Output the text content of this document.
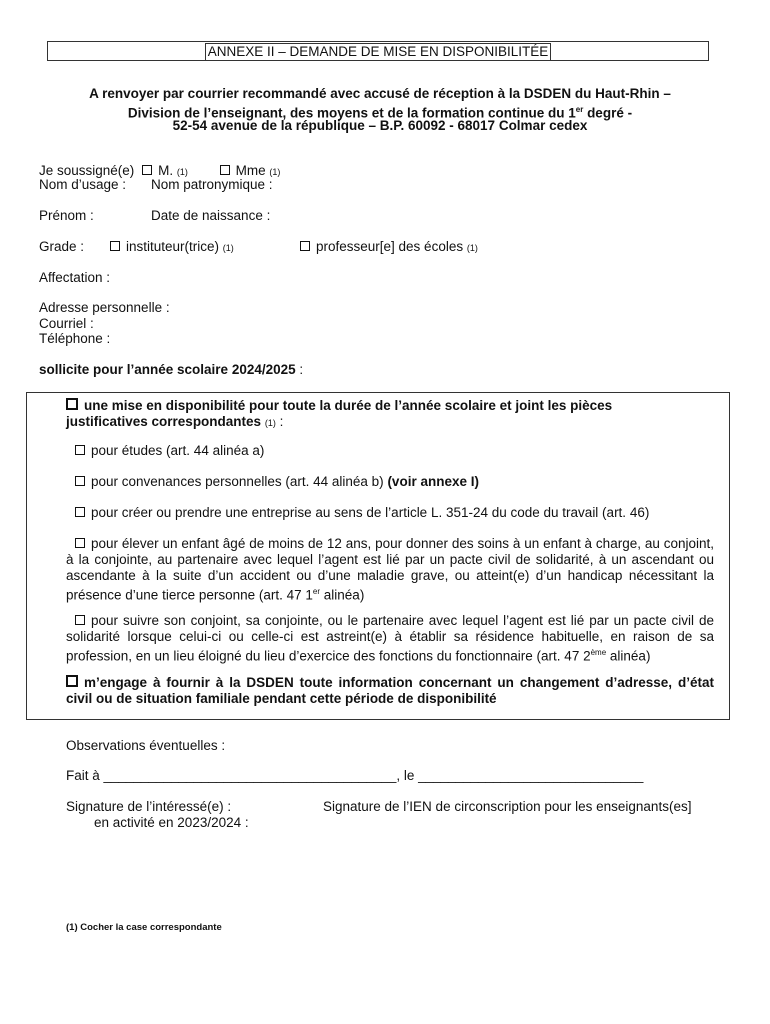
ANNEXE II – DEMANDE DE MISE EN DISPONIBILITÉE
A renvoyer par courrier recommandé avec accusé de réception à la DSDEN du Haut-Rhin –
Division de l’enseignant, des moyens et de la formation continue du 1er degré -
52-54 avenue de la république – B.P. 60092 - 68017 Colmar cedex
Je soussigné(e) M. (1)	Mme (1)
Nom d’usage : Nom patronymique :
Prénom :	Date de naissance :
Grade :	instituteur(trice) (1)	professeur[e] des écoles (1)
Affectation :
Adresse personnelle :
Courriel :
Téléphone :
sollicite pour l’année scolaire 2024/2025 :
une mise en disponibilité pour toute la durée de l’année scolaire et joint les pièces
justificatives correspondantes (1) :
pour études (art. 44 alinéa a)
pour convenances personnelles (art. 44 alinéa b) (voir annexe I)
pour créer ou prendre une entreprise au sens de l’article L. 351-24 du code du travail (art. 46)
pour élever un enfant âgé de moins de 12 ans, pour donner des soins à un enfant à charge, au conjoint, à la conjointe, au partenaire avec lequel l’agent est lié par un pacte civil de solidarité, à un ascendant ou ascendante à la suite d’un accident ou d’une maladie grave, ou atteint(e) d’un handicap nécessitant la présence d’une tierce personne (art. 47 1er alinéa)
pour suivre son conjoint, sa conjointe, ou le partenaire avec lequel l’agent est lié par un pacte civil de solidarité lorsque celui-ci ou celle-ci est astreint(e) à établir sa résidence habituelle, en raison de sa profession, en un lieu éloigné du lieu d’exercice des fonctions du fonctionnaire (art. 47 2ème alinéa)
m’engage à fournir à la DSDEN toute information concernant un changement d’adresse, d’état civil ou de situation familiale pendant cette période de disponibilité
Observations éventuelles :
Fait à _______________________________________, le ______________________________
Signature de l’intéressé(e) :
en activité en 2023/2024 :
Signature de l’IEN de circonscription pour les enseignants(es]
(1) Cocher la case correspondante
